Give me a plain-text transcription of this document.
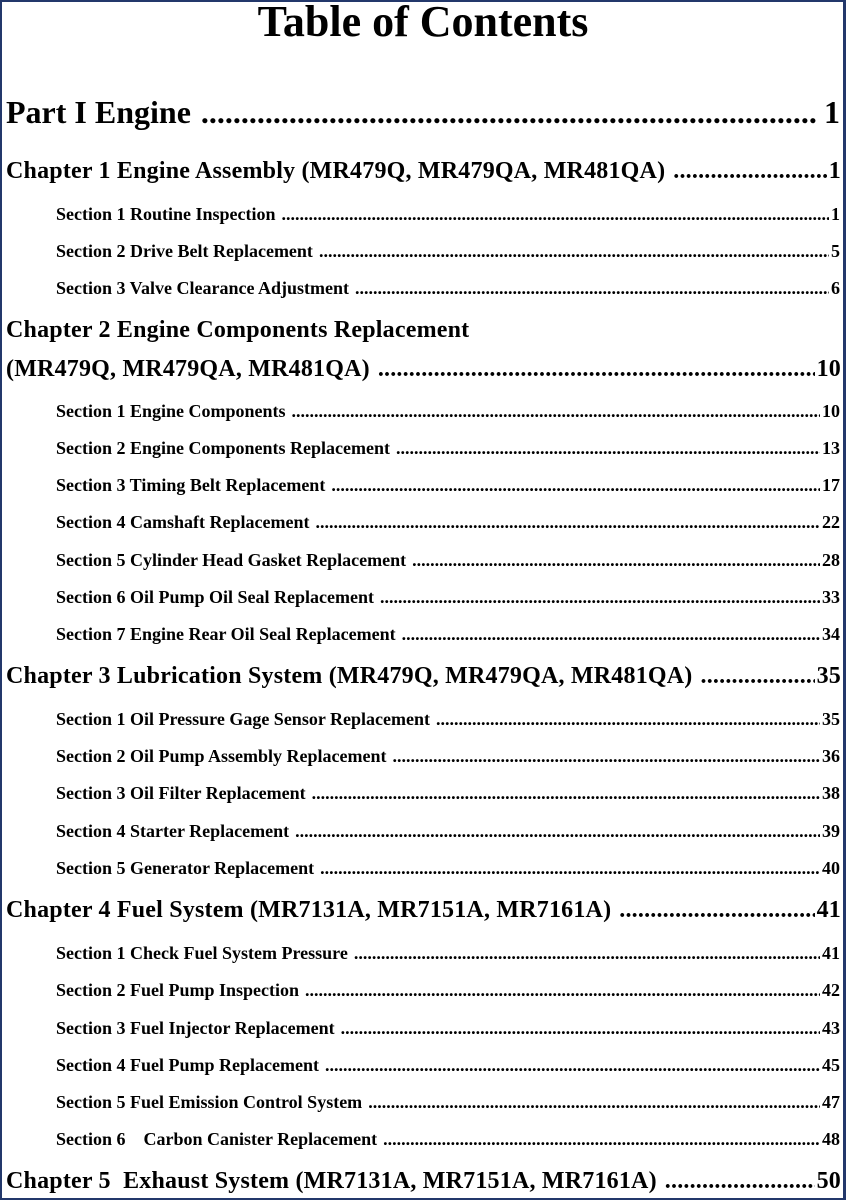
Table of Contents
Part I Engine .....	1
Chapter 1 Engine Assembly (MR479Q, MR479QA, MR481QA) .....	1
Section 1 Routine Inspection .....	1
Section 2 Drive Belt Replacement .....	5
Section 3 Valve Clearance Adjustment .....	6
Chapter 2 Engine Components Replacement
(MR479Q, MR479QA, MR481QA) .....	10
Section 1 Engine Components .....	10
Section 2 Engine Components Replacement .....	13
Section 3 Timing Belt Replacement .....	17
Section 4 Camshaft Replacement .....	22
Section 5 Cylinder Head Gasket Replacement .....	28
Section 6 Oil Pump Oil Seal Replacement .....	33
Section 7 Engine Rear Oil Seal Replacement .....	34
Chapter 3 Lubrication System (MR479Q, MR479QA, MR481QA) .....	35
Section 1 Oil Pressure Gage Sensor Replacement .....	35
Section 2 Oil Pump Assembly Replacement .....	36
Section 3 Oil Filter Replacement .....	38
Section 4 Starter Replacement .....	39
Section 5 Generator Replacement .....	40
Chapter 4 Fuel System (MR7131A, MR7151A, MR7161A) .....	41
Section 1 Check Fuel System Pressure .....	41
Section 2 Fuel Pump Inspection .....	42
Section 3 Fuel Injector Replacement .....	43
Section 4 Fuel Pump Replacement .....	45
Section 5 Fuel Emission Control System .....	47
Section 6    Carbon Canister Replacement .....	48
Chapter 5  Exhaust System (MR7131A, MR7151A, MR7161A) .....	50
